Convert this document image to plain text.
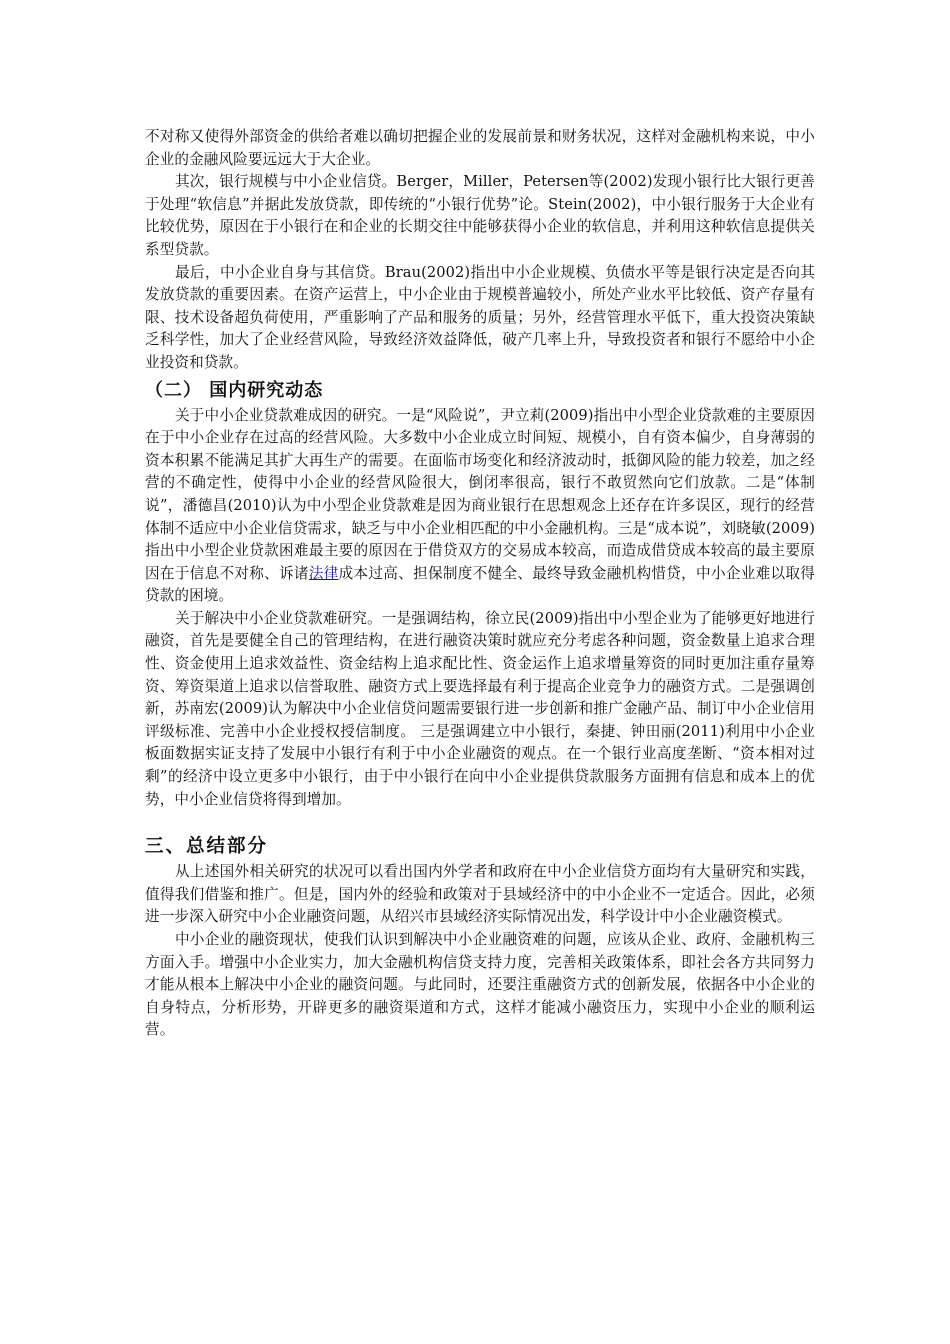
不对称又使得外部资金的供给者难以确切把握企业的发展前景和财务状况，这样对金融机构来说，中小企业的金融风险要远远大于大企业。

其次，银行规模与中小企业信贷。Berger，Miller，Petersen等(2002)发现小银行比大银行更善于处理“软信息”并据此发放贷款，即传统的“小银行优势”论。Stein(2002)，中小银行服务于大企业有比较优势，原因在于小银行在和企业的长期交往中能够获得小企业的软信息，并利用这种软信息提供关系型贷款。

最后，中小企业自身与其信贷。Brau(2002)指出中小企业规模、负债水平等是银行决定是否向其发放贷款的重要因素。在资产运营上，中小企业由于规模普遍较小，所处产业水平比较低、资产存量有限、技术设备超负荷使用，严重影响了产品和服务的质量；另外，经营管理水平低下，重大投资决策缺乏科学性，加大了企业经营风险，导致经济效益降低，破产几率上升，导致投资者和银行不愿给中小企业投资和贷款。

（二） 国内研究动态

关于中小企业贷款难成因的研究。一是“风险说”，尹立莉(2009)指出中小型企业贷款难的主要原因在于中小企业存在过高的经营风险。大多数中小企业成立时间短、规模小，自有资本偏少，自身薄弱的资本积累不能满足其扩大再生产的需要。在面临市场变化和经济波动时，抵御风险的能力较差，加之经营的不确定性，使得中小企业的经营风险很大，倒闭率很高，银行不敢贸然向它们放款。二是“体制说”，潘德昌(2010)认为中小型企业贷款难是因为商业银行在思想观念上还存在许多误区，现行的经营体制不适应中小企业信贷需求，缺乏与中小企业相匹配的中小金融机构。三是“成本说”，刘晓敏(2009)指出中小型企业贷款困难最主要的原因在于借贷双方的交易成本较高，而造成借贷成本较高的最主要原因在于信息不对称、诉诸法律成本过高、担保制度不健全、最终导致金融机构惜贷，中小企业难以取得贷款的困境。

关于解决中小企业贷款难研究。一是强调结构，徐立民(2009)指出中小型企业为了能够更好地进行融资，首先是要健全自己的管理结构，在进行融资决策时就应充分考虑各种问题，资金数量上追求合理性、资金使用上追求效益性、资金结构上追求配比性、资金运作上追求增量筹资的同时更加注重存量筹资、筹资渠道上追求以信誉取胜、融资方式上要选择最有利于提高企业竞争力的融资方式。二是强调创新，苏南宏(2009)认为解决中小企业信贷问题需要银行进一步创新和推广金融产品、制订中小企业信用评级标准、完善中小企业授权授信制度。 三是强调建立中小银行，秦捷、钟田丽(2011)利用中小企业板面数据实证支持了发展中小银行有利于中小企业融资的观点。在一个银行业高度垄断、“资本相对过剩”的经济中设立更多中小银行，由于中小银行在向中小企业提供贷款服务方面拥有信息和成本上的优势，中小企业信贷将得到增加。

三、总结部分

从上述国外相关研究的状况可以看出国内外学者和政府在中小企业信贷方面均有大量研究和实践，值得我们借鉴和推广。但是，国内外的经验和政策对于县域经济中的中小企业不一定适合。因此，必须进一步深入研究中小企业融资问题，从绍兴市县域经济实际情况出发，科学设计中小企业融资模式。

中小企业的融资现状，使我们认识到解决中小企业融资难的问题，应该从企业、政府、金融机构三方面入手。增强中小企业实力，加大金融机构信贷支持力度，完善相关政策体系，即社会各方共同努力才能从根本上解决中小企业的融资问题。与此同时，还要注重融资方式的创新发展，依据各中小企业的自身特点，分析形势，开辟更多的融资渠道和方式，这样才能减小融资压力，实现中小企业的顺利运营。
